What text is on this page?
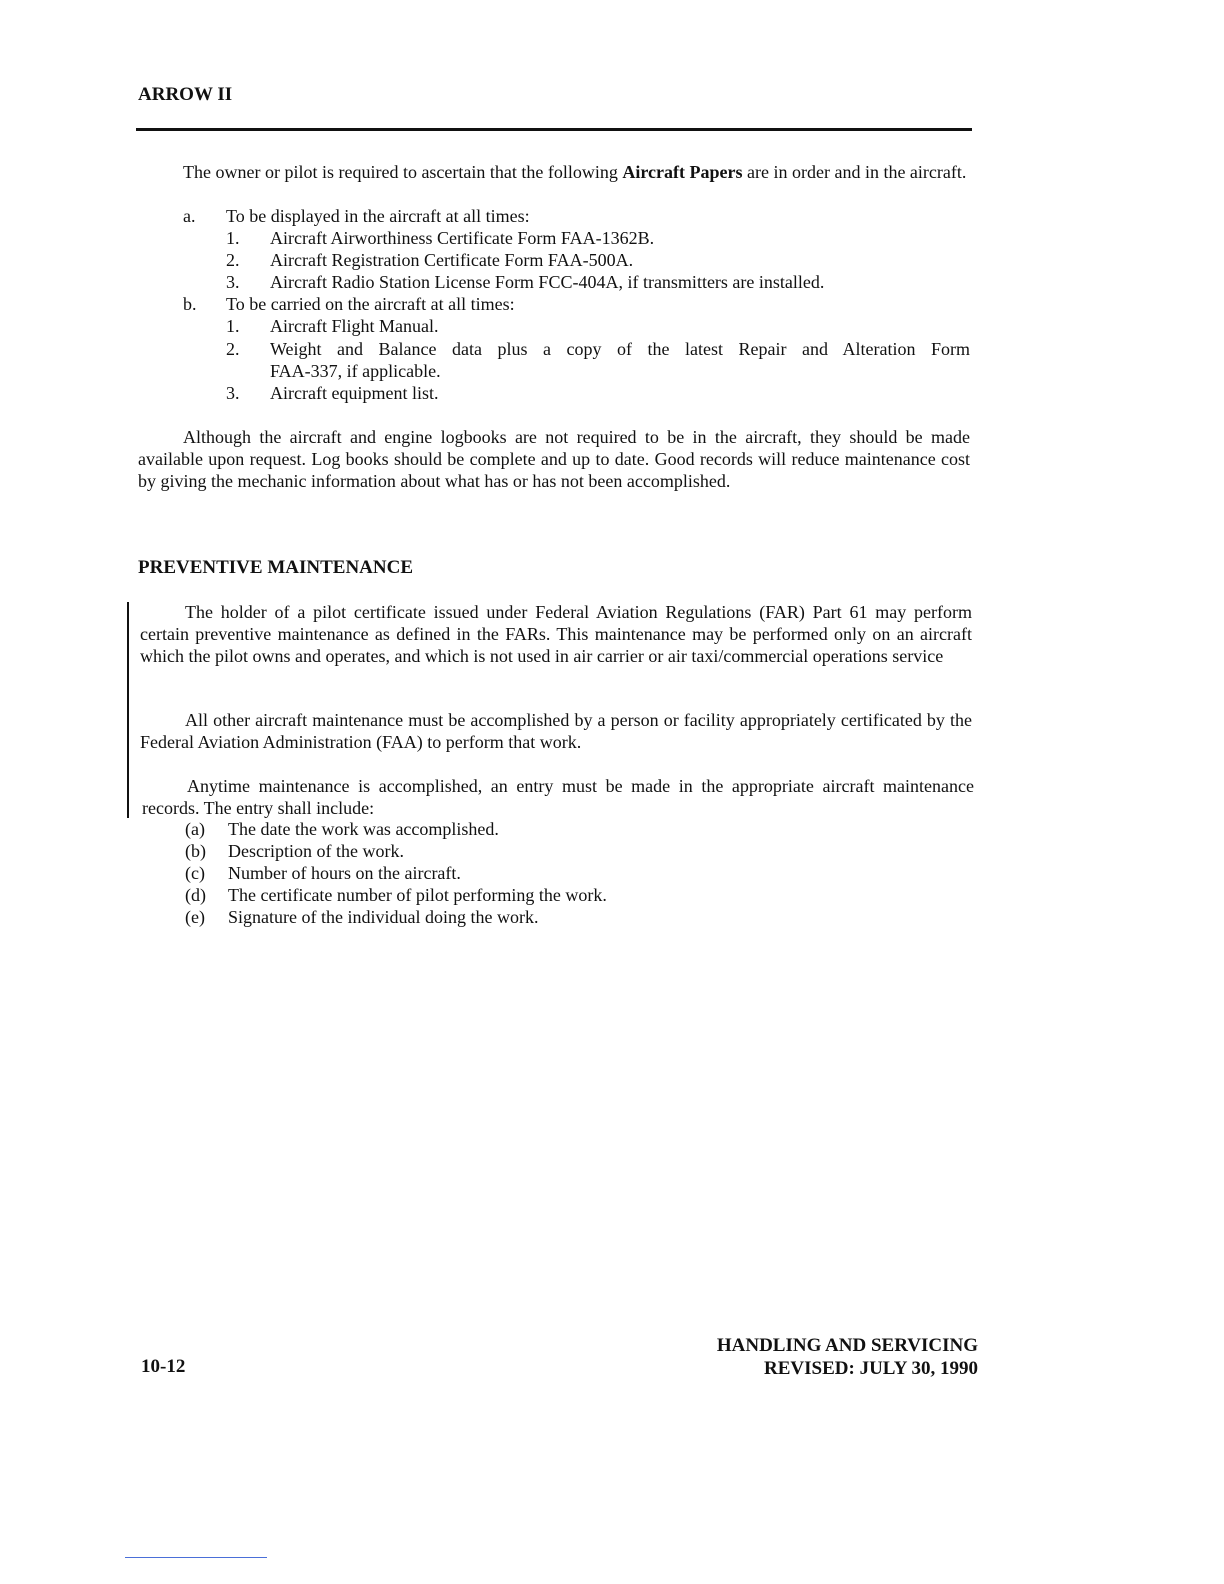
ARROW II
The owner or pilot is required to ascertain that the following Aircraft Papers are in order and in the aircraft.
a. To be displayed in the aircraft at all times:
1. Aircraft Airworthiness Certificate Form FAA-1362B.
2. Aircraft Registration Certificate Form FAA-500A.
3. Aircraft Radio Station License Form FCC-404A, if transmitters are installed.
b. To be carried on the aircraft at all times:
1. Aircraft Flight Manual.
2. Weight and Balance data plus a copy of the latest Repair and Alteration Form
FAA-337, if applicable.
3. Aircraft equipment list.
Although the aircraft and engine logbooks are not required to be in the aircraft, they should be made available upon request. Log books should be complete and up to date. Good records will reduce maintenance cost by giving the mechanic information about what has or has not been accomplished.
PREVENTIVE MAINTENANCE
The holder of a pilot certificate issued under Federal Aviation Regulations (FAR) Part 61 may perform certain preventive maintenance as defined in the FARs. This maintenance may be performed only on an aircraft which the pilot owns and operates, and which is not used in air carrier or air taxi/commercial operations service
All other aircraft maintenance must be accomplished by a person or facility appropriately certificated by the Federal Aviation Administration (FAA) to perform that work.
Anytime maintenance is accomplished, an entry must be made in the appropriate aircraft maintenance records. The entry shall include:
(a) The date the work was accomplished.
(b) Description of the work.
(c) Number of hours on the aircraft.
(d) The certificate number of pilot performing the work.
(e) Signature of the individual doing the work.
10-12
HANDLING AND SERVICING
REVISED: JULY 30, 1990
